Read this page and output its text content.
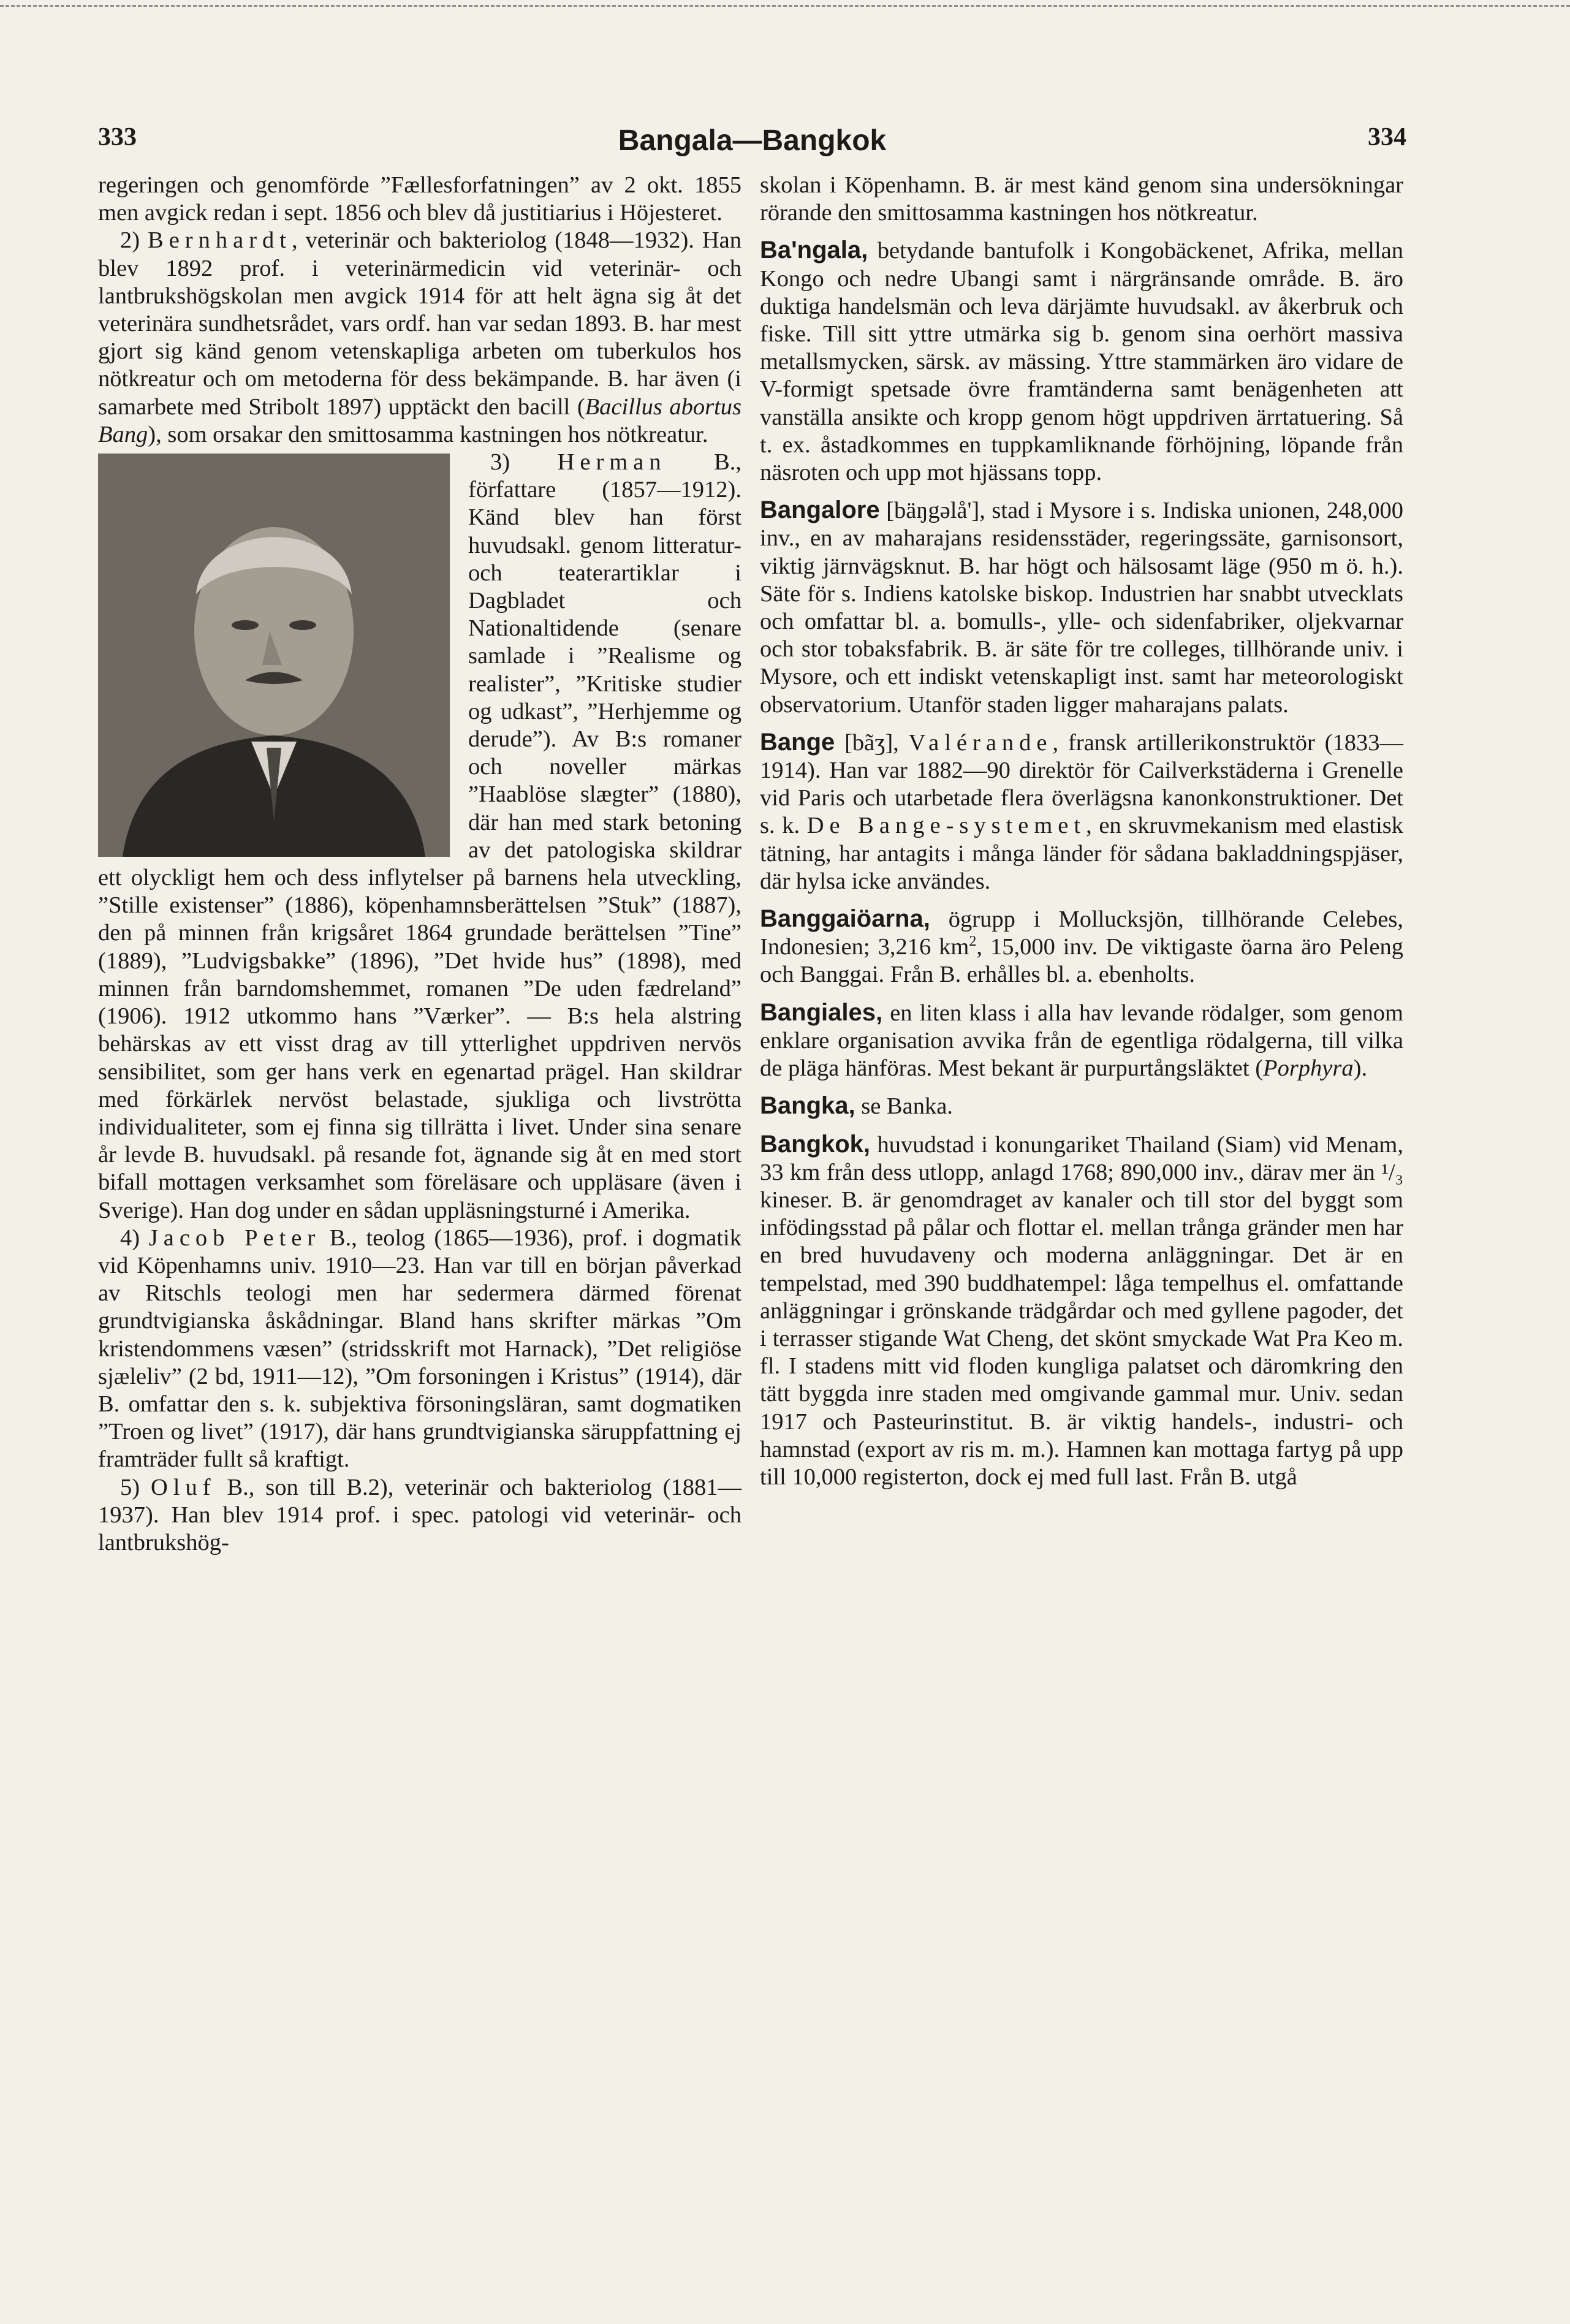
333	Bangala—Bangkok	334

regeringen och genomförde ”Fællesforfatningen” av 2 okt. 1855 men avgick redan i sept. 1856 och blev då justitiarius i Höjesteret.

2) Bernhardt, veterinär och bakteriolog (1848—1932). Han blev 1892 prof. i veterinärmedicin vid veterinär- och lantbrukshögskolan men avgick 1914 för att helt ägna sig åt det veterinära sundhetsrådet, vars ordf. han var sedan 1893. B. har mest gjort sig känd genom vetenskapliga arbeten om tuberkulos hos nötkreatur och om metoderna för dess bekämpande. B. har även (i samarbete med Stribolt 1897) upptäckt den bacill (Bacillus abortus Bang), som orsakar den smittosamma kastningen hos nötkreatur.

3) Herman B., författare (1857—1912). Känd blev han först huvudsakl. genom litteratur- och teaterartiklar i Dagbladet och Nationaltidende (senare samlade i ”Realisme og realister”, ”Kritiske studier og udkast”, ”Herhjemme og derude”). Av B:s romaner och noveller märkas ”Haablöse slægter” (1880), där han med stark betoning av det patologiska skildrar ett olyckligt hem och dess inflytelser på barnens hela utveckling, ”Stille existenser” (1886), köpenhamnsberättelsen ”Stuk” (1887), den på minnen från krigsåret 1864 grundade berättelsen ”Tine” (1889), ”Ludvigsbakke” (1896), ”Det hvide hus” (1898), med minnen från barndomshemmet, romanen ”De uden fædreland” (1906). 1912 utkommo hans ”Værker”. — B:s hela alstring behärskas av ett visst drag av till ytterlighet uppdriven nervös sensibilitet, som ger hans verk en egenartad prägel. Han skildrar med förkärlek nervöst belastade, sjukliga och livströtta individualiteter, som ej finna sig tillrätta i livet. Under sina senare år levde B. huvudsakl. på resande fot, ägnande sig åt en med stort bifall mottagen verksamhet som föreläsare och uppläsare (även i Sverige). Han dog under en sådan uppläsningsturné i Amerika.

4) Jacob Peter B., teolog (1865—1936), prof. i dogmatik vid Köpenhamns univ. 1910—23. Han var till en början påverkad av Ritschls teologi men har sedermera därmed förenat grundtvigianska åskådningar. Bland hans skrifter märkas ”Om kristendommens væsen” (stridsskrift mot Harnack), ”Det religiöse sjæleliv” (2 bd, 1911—12), ”Om forsoningen i Kristus” (1914), där B. omfattar den s. k. subjektiva försoningsläran, samt dogmatiken ”Troen og livet” (1917), där hans grundtvigianska säruppfattning ej framträder fullt så kraftigt.

5) Oluf B., son till B.2), veterinär och bakteriolog (1881—1937). Han blev 1914 prof. i spec. patologi vid veterinär- och lantbrukshög-

skolan i Köpenhamn. B. är mest känd genom sina undersökningar rörande den smittosamma kastningen hos nötkreatur.

Ba'ngala, betydande bantufolk i Kongobäckenet, Afrika, mellan Kongo och nedre Ubangi samt i närgränsande område. B. äro duktiga handelsmän och leva därjämte huvudsakl. av åkerbruk och fiske. Till sitt yttre utmärka sig b. genom sina oerhört massiva metallsmycken, särsk. av mässing. Yttre stammärken äro vidare de V-formigt spetsade övre framtänderna samt benägenheten att vanställa ansikte och kropp genom högt uppdriven ärrtatuering. Så t. ex. åstadkommes en tuppkamliknande förhöjning, löpande från näsroten och upp mot hjässans topp.

Bangalore [bäŋgəlå'], stad i Mysore i s. Indiska unionen, 248,000 inv., en av maharajans residensstäder, regeringssäte, garnisonsort, viktig järnvägsknut. B. har högt och hälsosamt läge (950 m ö. h.). Säte för s. Indiens katolske biskop. Industrien har snabbt utvecklats och omfattar bl. a. bomulls-, ylle- och sidenfabriker, oljekvarnar och stor tobaksfabrik. B. är säte för tre colleges, tillhörande univ. i Mysore, och ett indiskt vetenskapligt inst. samt har meteorologiskt observatorium. Utanför staden ligger maharajans palats.

Bange [bãʒ], Valérande, fransk artillerikonstruktör (1833—1914). Han var 1882—90 direktör för Cailverkstäderna i Grenelle vid Paris och utarbetade flera överlägsna kanonkonstruktioner. Det s. k. De Bange-systemet, en skruvmekanism med elastisk tätning, har antagits i många länder för sådana bakladdningspjäser, där hylsa icke användes.

Banggaiöarna, ögrupp i Mollucksjön, tillhörande Celebes, Indonesien; 3,216 $km^2$, 15,000 inv. De viktigaste öarna äro Peleng och Banggai. Från B. erhålles bl. a. ebenholts.

Bangiales, en liten klass i alla hav levande rödalger, som genom enklare organisation avvika från de egentliga rödalgerna, till vilka de pläga hänföras. Mest bekant är purpurtångsläktet (Porphyra).

Bangka, se Banka.

Bangkok, huvudstad i konungariket Thailand (Siam) vid Menam, 33 km från dess utlopp, anlagd 1768; 890,000 inv., därav mer än ¹/₃ kineser. B. är genomdraget av kanaler och till stor del byggt som infödingsstad på pålar och flottar el. mellan trånga gränder men har en bred huvudaveny och moderna anläggningar. Det är en tempelstad, med 390 buddhatempel: låga tempelhus el. omfattande anläggningar i grönskande trädgårdar och med gyllene pagoder, det i terrasser stigande Wat Cheng, det skönt smyckade Wat Pra Keo m. fl. I stadens mitt vid floden kungliga palatset och däromkring den tätt byggda inre staden med omgivande gammal mur. Univ. sedan 1917 och Pasteurinstitut. B. är viktig handels-, industri- och hamnstad (export av ris m. m.). Hamnen kan mottaga fartyg på upp till 10,000 registerton, dock ej med full last. Från B. utgå
